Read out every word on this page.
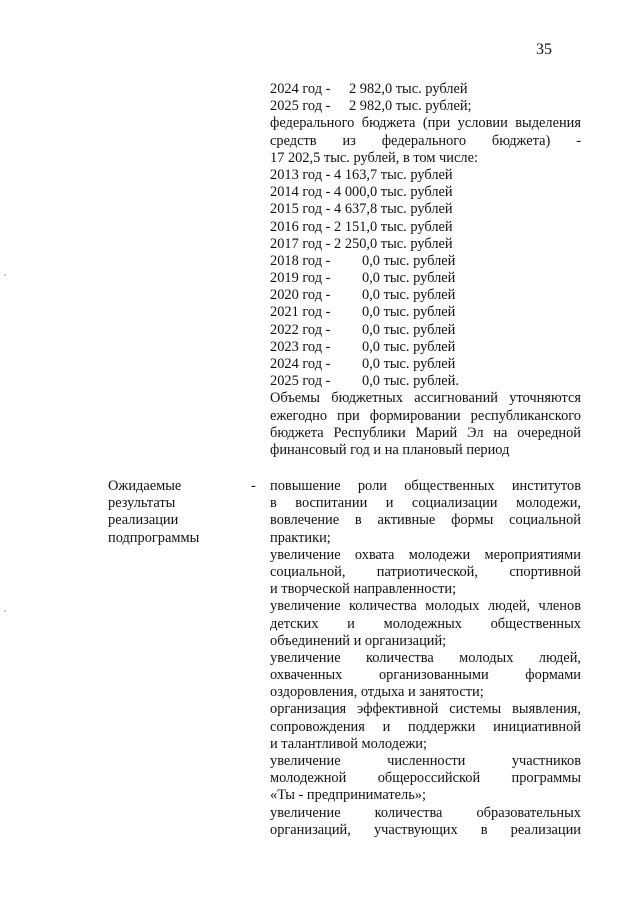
35
2024 год - 2 982,0 тыс. рублей
2025 год - 2 982,0 тыс. рублей;
федерального бюджета (при условии выделения
средств из федерального бюджета) -
17 202,5 тыс. рублей, в том числе:
2013 год - 4 163,7 тыс. рублей
2014 год - 4 000,0 тыс. рублей
2015 год - 4 637,8 тыс. рублей
2016 год - 2 151,0 тыс. рублей
2017 год - 2 250,0 тыс. рублей
2018 год - 0,0 тыс. рублей
2019 год - 0,0 тыс. рублей
2020 год - 0,0 тыс. рублей
2021 год - 0,0 тыс. рублей
2022 год - 0,0 тыс. рублей
2023 год - 0,0 тыс. рублей
2024 год - 0,0 тыс. рублей
2025 год - 0,0 тыс. рублей.
Объемы бюджетных ассигнований уточняются
ежегодно при формировании республиканского
бюджета Республики Марий Эл на очередной
финансовый год и на плановый период
Ожидаемые
результаты
реализации
подпрограммы
- повышение роли общественных институтов
в воспитании и социализации молодежи,
вовлечение в активные формы социальной
практики;
увеличение охвата молодежи мероприятиями
социальной, патриотической, спортивной
и творческой направленности;
увеличение количества молодых людей, членов
детских и молодежных общественных
объединений и организаций;
увеличение количества молодых людей,
охваченных организованными формами
оздоровления, отдыха и занятости;
организация эффективной системы выявления,
сопровождения и поддержки инициативной
и талантливой молодежи;
увеличение численности участников
молодежной общероссийской программы
«Ты - предприниматель»;
увеличение количества образовательных
организаций, участвующих в реализации
